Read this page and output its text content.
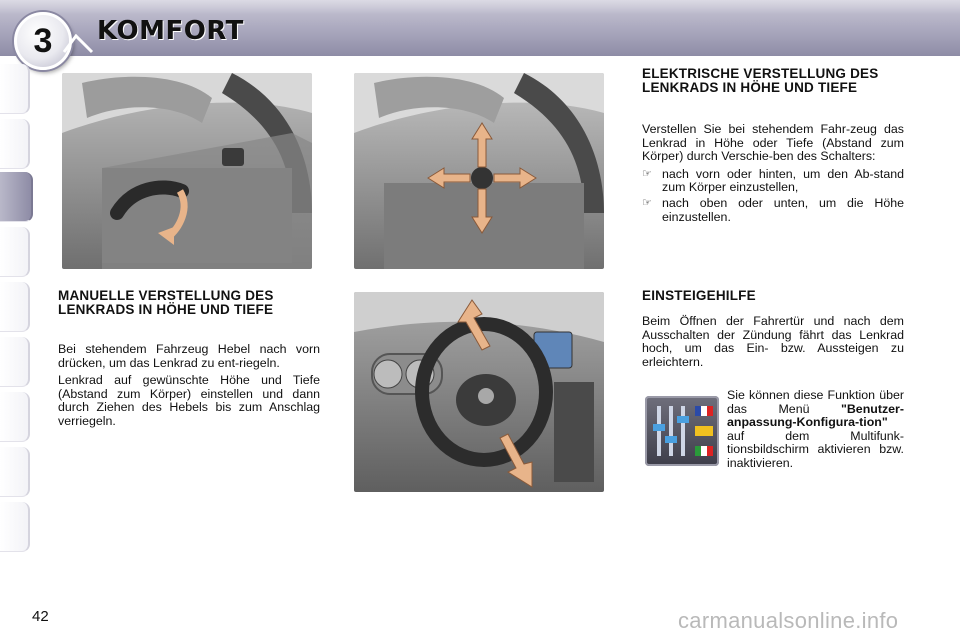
3 KOMFORT
MANUELLE VERSTELLUNG DES LENKRADS IN HÖHE UND TIEFE

Bei stehendem Fahrzeug Hebel nach vorn drücken, um das Lenkrad zu ent-riegeln.

Lenkrad auf gewünschte Höhe und Tiefe (Abstand zum Körper) einstellen und dann durch Ziehen des Hebels bis zum Anschlag verriegeln.

ELEKTRISCHE VERSTELLUNG DES LENKRADS IN HÖHE UND TIEFE

Verstellen Sie bei stehendem Fahr-zeug das Lenkrad in Höhe oder Tiefe (Abstand zum Körper) durch Verschie-ben des Schalters:

☞ nach vorn oder hinten, um den Ab-stand zum Körper einzustellen,
☞ nach oben oder unten, um die Höhe einzustellen.
EINSTEIGEHILFE

Beim Öffnen der Fahrertür und nach dem Ausschalten der Zündung fährt das Lenkrad hoch, um das Ein- bzw. Aussteigen zu erleichtern.

Sie können diese Funktion über das Menü "Benutzer-anpassung-Konfigura-tion" auf dem Multifunk-tionsbildschirm aktivieren bzw. inaktivieren.
42	carmanualsonline.info
